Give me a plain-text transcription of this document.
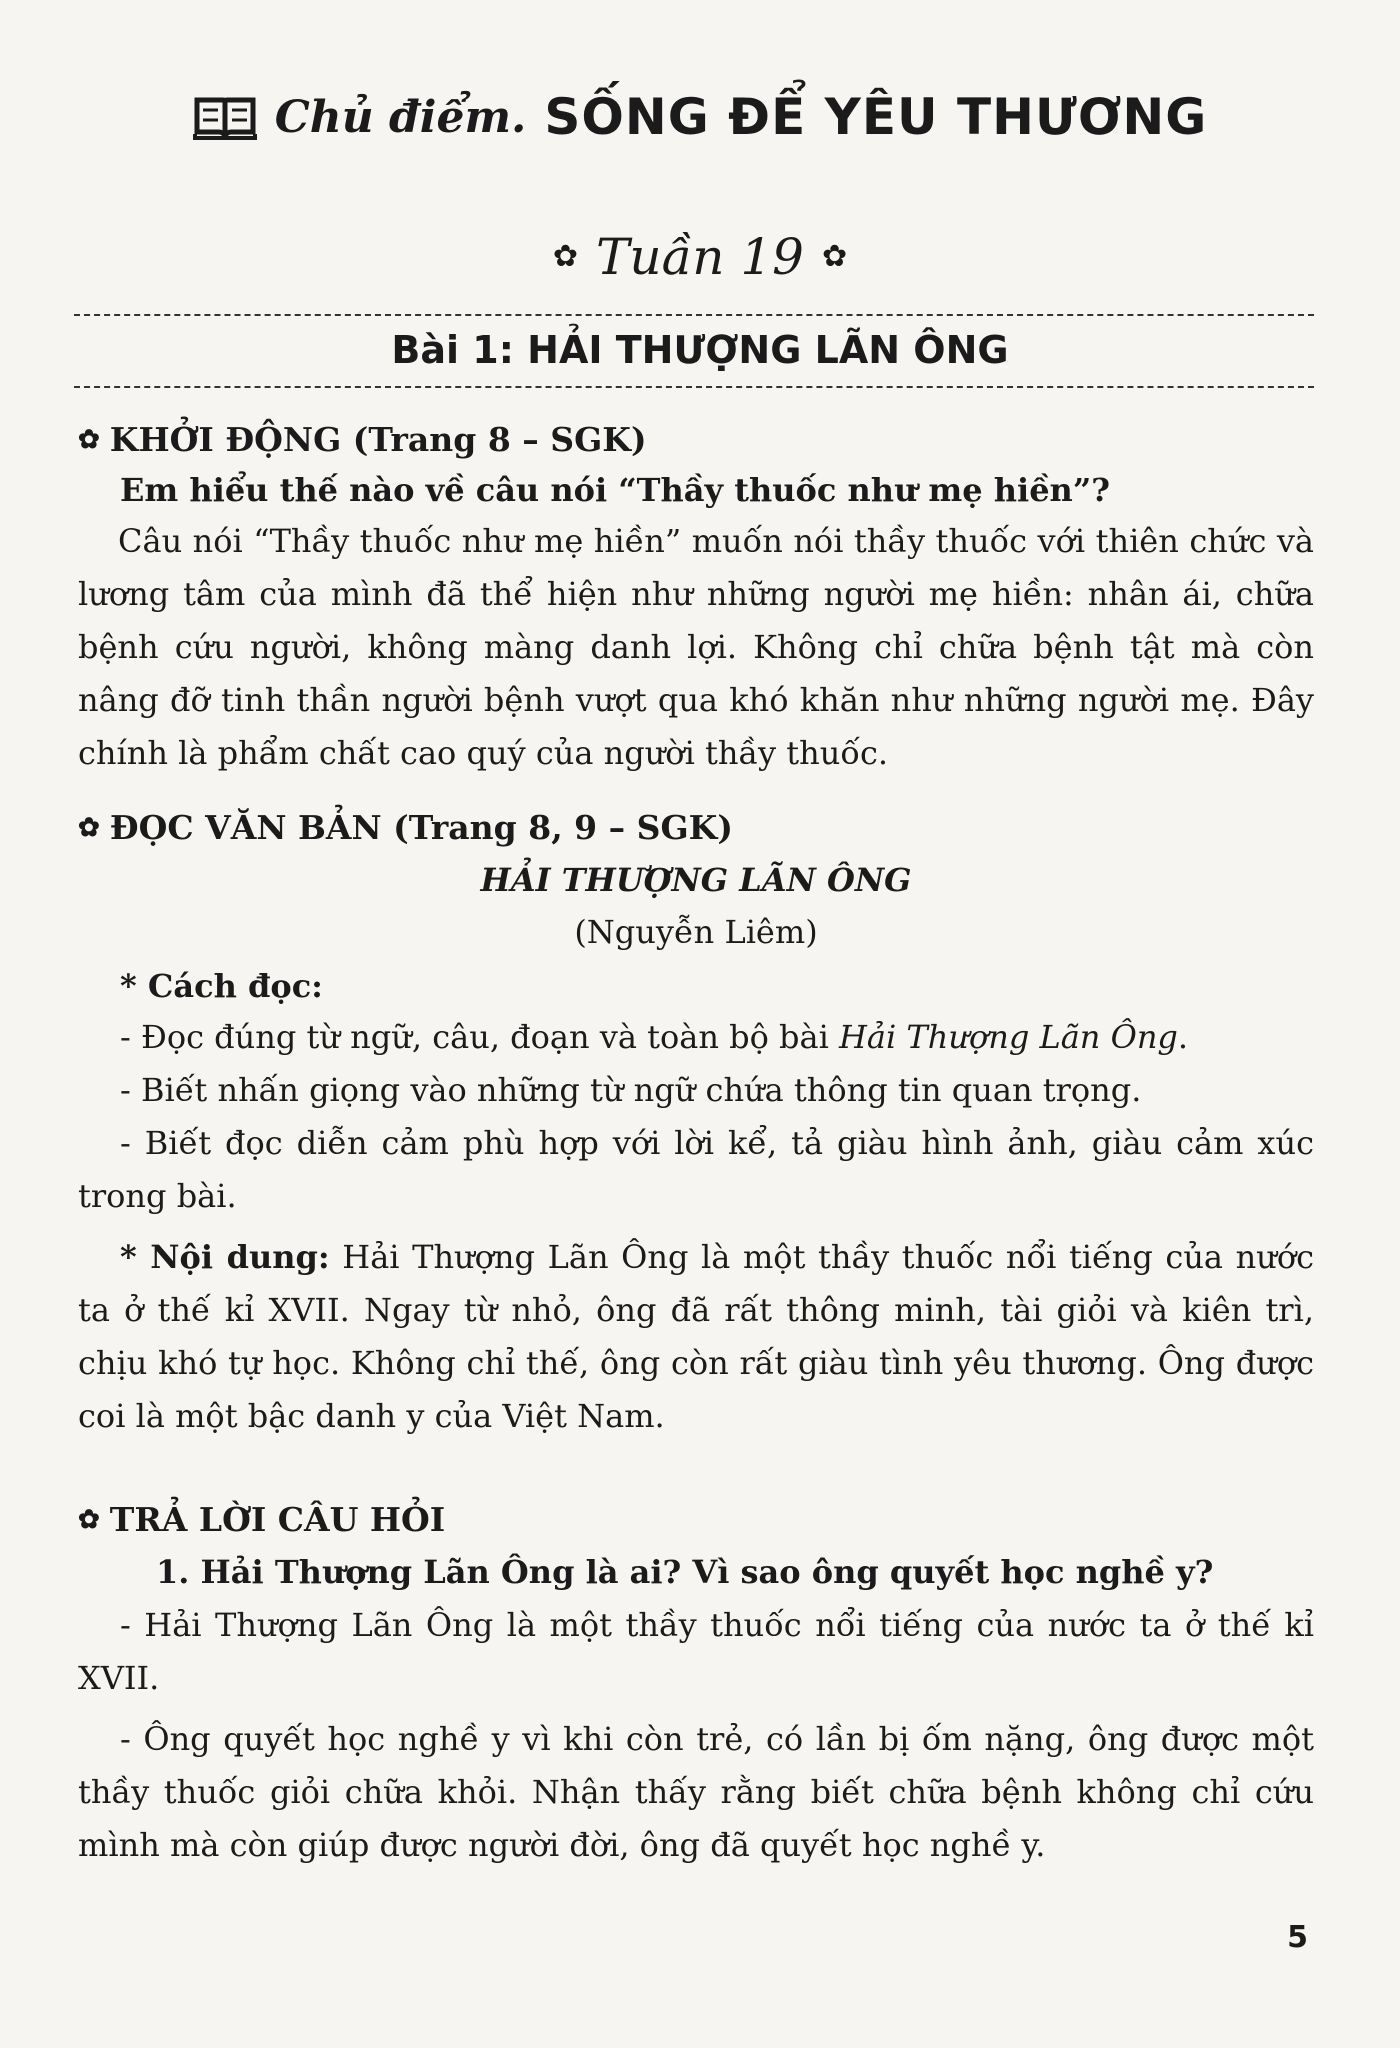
Chủ điểm. SỐNG ĐỂ YÊU THƯƠNG
✿ Tuần 19 ✿
Bài 1: HẢI THƯỢNG LÃN ÔNG
✿ KHỞI ĐỘNG (Trang 8 – SGK)
Em hiểu thế nào về câu nói “Thầy thuốc như mẹ hiền”?
Câu nói “Thầy thuốc như mẹ hiền” muốn nói thầy thuốc với thiên chức và lương tâm của mình đã thể hiện như những người mẹ hiền: nhân ái, chữa bệnh cứu người, không màng danh lợi. Không chỉ chữa bệnh tật mà còn nâng đỡ tinh thần người bệnh vượt qua khó khăn như những người mẹ. Đây chính là phẩm chất cao quý của người thầy thuốc.
✿ ĐỌC VĂN BẢN (Trang 8, 9 – SGK)
HẢI THƯỢNG LÃN ÔNG
(Nguyễn Liêm)
* Cách đọc:
- Đọc đúng từ ngữ, câu, đoạn và toàn bộ bài Hải Thượng Lãn Ông.
- Biết nhấn giọng vào những từ ngữ chứa thông tin quan trọng.
- Biết đọc diễn cảm phù hợp với lời kể, tả giàu hình ảnh, giàu cảm xúc trong bài.
* Nội dung: Hải Thượng Lãn Ông là một thầy thuốc nổi tiếng của nước ta ở thế kỉ XVII. Ngay từ nhỏ, ông đã rất thông minh, tài giỏi và kiên trì, chịu khó tự học. Không chỉ thế, ông còn rất giàu tình yêu thương. Ông được coi là một bậc danh y của Việt Nam.
✿ TRẢ LỜI CÂU HỎI
1. Hải Thượng Lãn Ông là ai? Vì sao ông quyết học nghề y?
- Hải Thượng Lãn Ông là một thầy thuốc nổi tiếng của nước ta ở thế kỉ XVII.
- Ông quyết học nghề y vì khi còn trẻ, có lần bị ốm nặng, ông được một thầy thuốc giỏi chữa khỏi. Nhận thấy rằng biết chữa bệnh không chỉ cứu mình mà còn giúp được người đời, ông đã quyết học nghề y.
5
